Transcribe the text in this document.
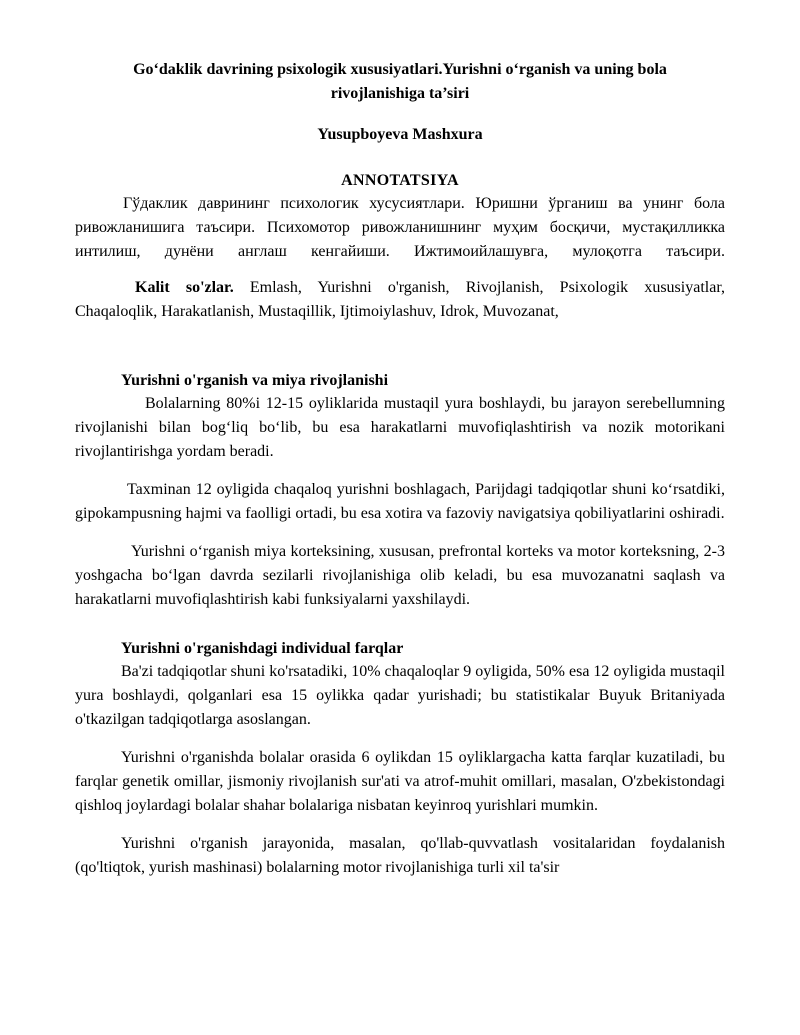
Go‘daklik davrining psixologik xususiyatlari.Yurishni o‘rganish va uning bola
rivojlanishiga ta’siri
Yusupboyeva Mashxura
ANNOTATSIYA

Гўдаклик даврининг психологик хусусиятлари. Юришни ўрганиш ва унинг бола ривожланишига таъсири. Психомотор ривожланишнинг муҳим босқичи, мустақилликка интилиш, дунёни англаш кенгайиши. Ижтимоийлашувга, мулоқотга таъсири.

Kalit so'zlar. Emlash, Yurishni o'rganish, Rivojlanish, Psixologik xususiyatlar, Chaqaloqlik, Harakatlanish, Mustaqillik, Ijtimoiylashuv, Idrok, Muvozanat,

Yurishni o'rganish va miya rivojlanishi

Bolalarning 80%i 12-15 oyliklarida mustaqil yura boshlaydi, bu jarayon serebellumning rivojlanishi bilan bog‘liq bo‘lib, bu esa harakatlarni muvofiqlashtirish va nozik motorikani rivojlantirishga yordam beradi.

Taxminan 12 oyligida chaqaloq yurishni boshlagach, Parijdagi tadqiqotlar shuni ko‘rsatdiki, gipokampusning hajmi va faolligi ortadi, bu esa xotira va fazoviy navigatsiya qobiliyatlarini oshiradi.

Yurishni o‘rganish miya korteksining, xususan, prefrontal korteks va motor korteksning, 2-3 yoshgacha bo‘lgan davrda sezilarli rivojlanishiga olib keladi, bu esa muvozanatni saqlash va harakatlarni muvofiqlashtirish kabi funksiyalarni yaxshilaydi.

Yurishni o'rganishdagi individual farqlar

Ba'zi tadqiqotlar shuni ko'rsatadiki, 10% chaqaloqlar 9 oyligida, 50% esa 12 oyligida mustaqil yura boshlaydi, qolganlari esa 15 oylikka qadar yurishadi; bu statistikalar Buyuk Britaniyada o'tkazilgan tadqiqotlarga asoslangan.

Yurishni o'rganishda bolalar orasida 6 oylikdan 15 oyliklargacha katta farqlar kuzatiladi, bu farqlar genetik omillar, jismoniy rivojlanish sur'ati va atrof-muhit omillari, masalan, O'zbekistondagi qishloq joylardagi bolalar shahar bolalariga nisbatan keyinroq yurishlari mumkin.

Yurishni o'rganish jarayonida, masalan, qo'llab-quvvatlash vositalaridan foydalanish (qo'ltiqtok, yurish mashinasi) bolalarning motor rivojlanishiga turli xil ta'sir
